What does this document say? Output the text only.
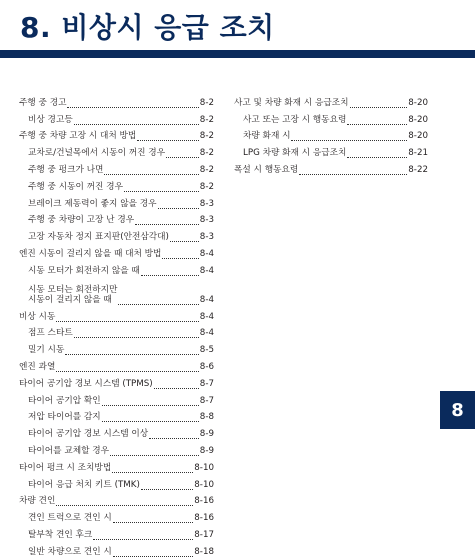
8. 비상시 응급 조치
주행 중 경고	8-2
비상 경고등	8-2
주행 중 차량 고장 시 대처 방법	8-2
교차로/건널목에서 시동이 꺼진 경우	8-2
주행 중 펑크가 나면	8-2
주행 중 시동이 꺼진 경우	8-2
브레이크 제동력이 좋지 않을 경우	8-3
주행 중 차량이 고장 난 경우	8-3
고장 자동차 정지 표지판(안전삼각대)	8-3
엔진 시동이 걸리지 않을 때 대처 방법	8-4
시동 모터가 회전하지 않을 때	8-4
시동 모터는 회전하지만
시동이 걸리지 않을 때	8-4
비상 시동	8-4
점프 스타트	8-4
밀기 시동	8-5
엔진 과열	8-6
타이어 공기압 경보 시스템 (TPMS)	8-7
타이어 공기압 확인	8-7
저압 타이어를 감지	8-8
타이어 공기압 경보 시스템 이상	8-9
타이어를 교체할 경우	8-9
타이어 펑크 시 조치방법	8-10
타이어 응급 처치 키트 (TMK)	8-10
차량 견인	8-16
견인 트럭으로 견인 시	8-16
탈부착 견인 후크	8-17
일반 차량으로 견인 시	8-18
사고 및 차량 화재 시 응급조치	8-20
사고 또는 고장 시 행동요령	8-20
차량 화재 시	8-20
LPG 차량 화재 시 응급조치	8-21
폭설 시 행동요령	8-22
8
